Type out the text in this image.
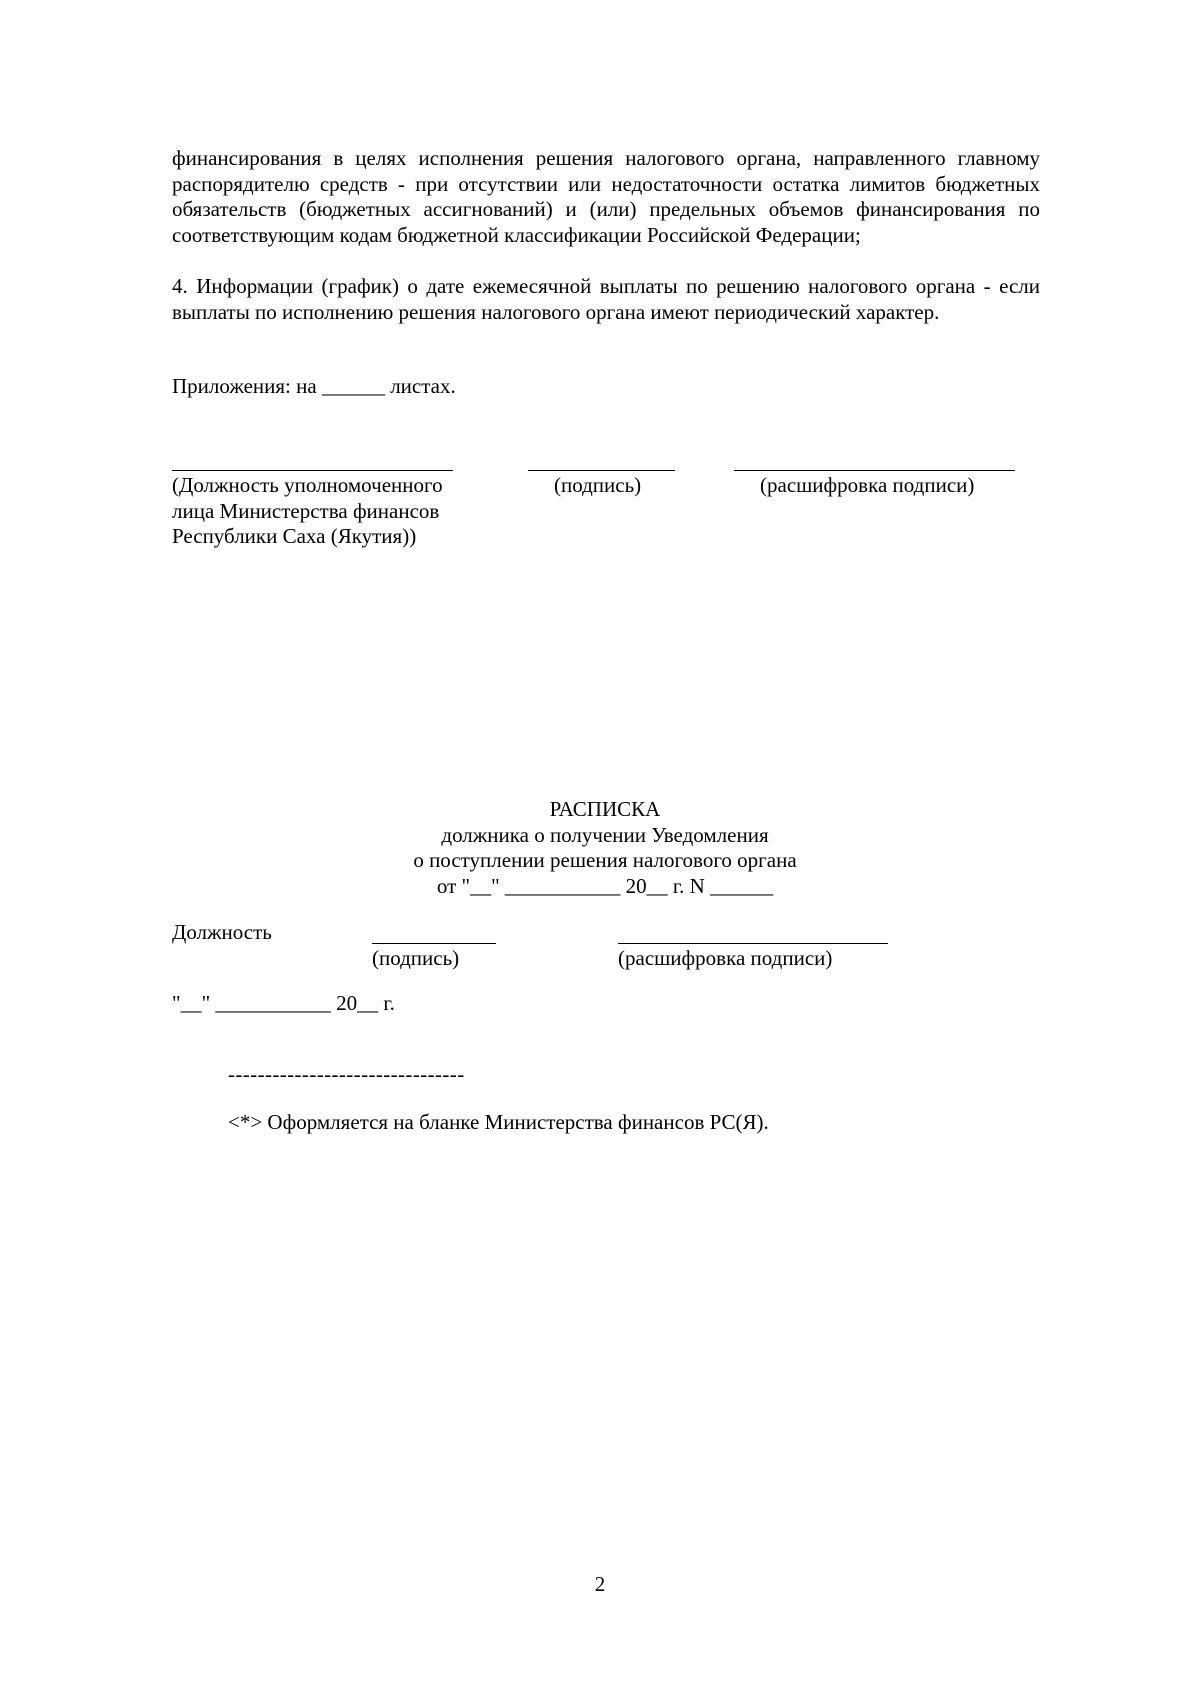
финансирования в целях исполнения решения налогового органа, направленного главному распорядителю средств - при отсутствии или недостаточности остатка лимитов бюджетных обязательств (бюджетных ассигнований) и (или) предельных объемов финансирования по соответствующим кодам бюджетной классификации Российской Федерации;

4. Информации (график) о дате ежемесячной выплаты по решению налогового органа - если выплаты по исполнению решения налогового органа имеют периодический характер.

Приложения: на ______ листах.
(Должность уполномоченного
лица Министерства финансов
Республики Саха (Якутия))
(подпись)	(расшифровка подписи)
РАСПИСКА
должника о получении Уведомления
о поступлении решения налогового органа
от "__" ___________ 20__ г. N ______
Должность
(подпись)	(расшифровка подписи)
"__" ___________ 20__ г.
--------------------------------
<*> Оформляется на бланке Министерства финансов РС(Я).
2
